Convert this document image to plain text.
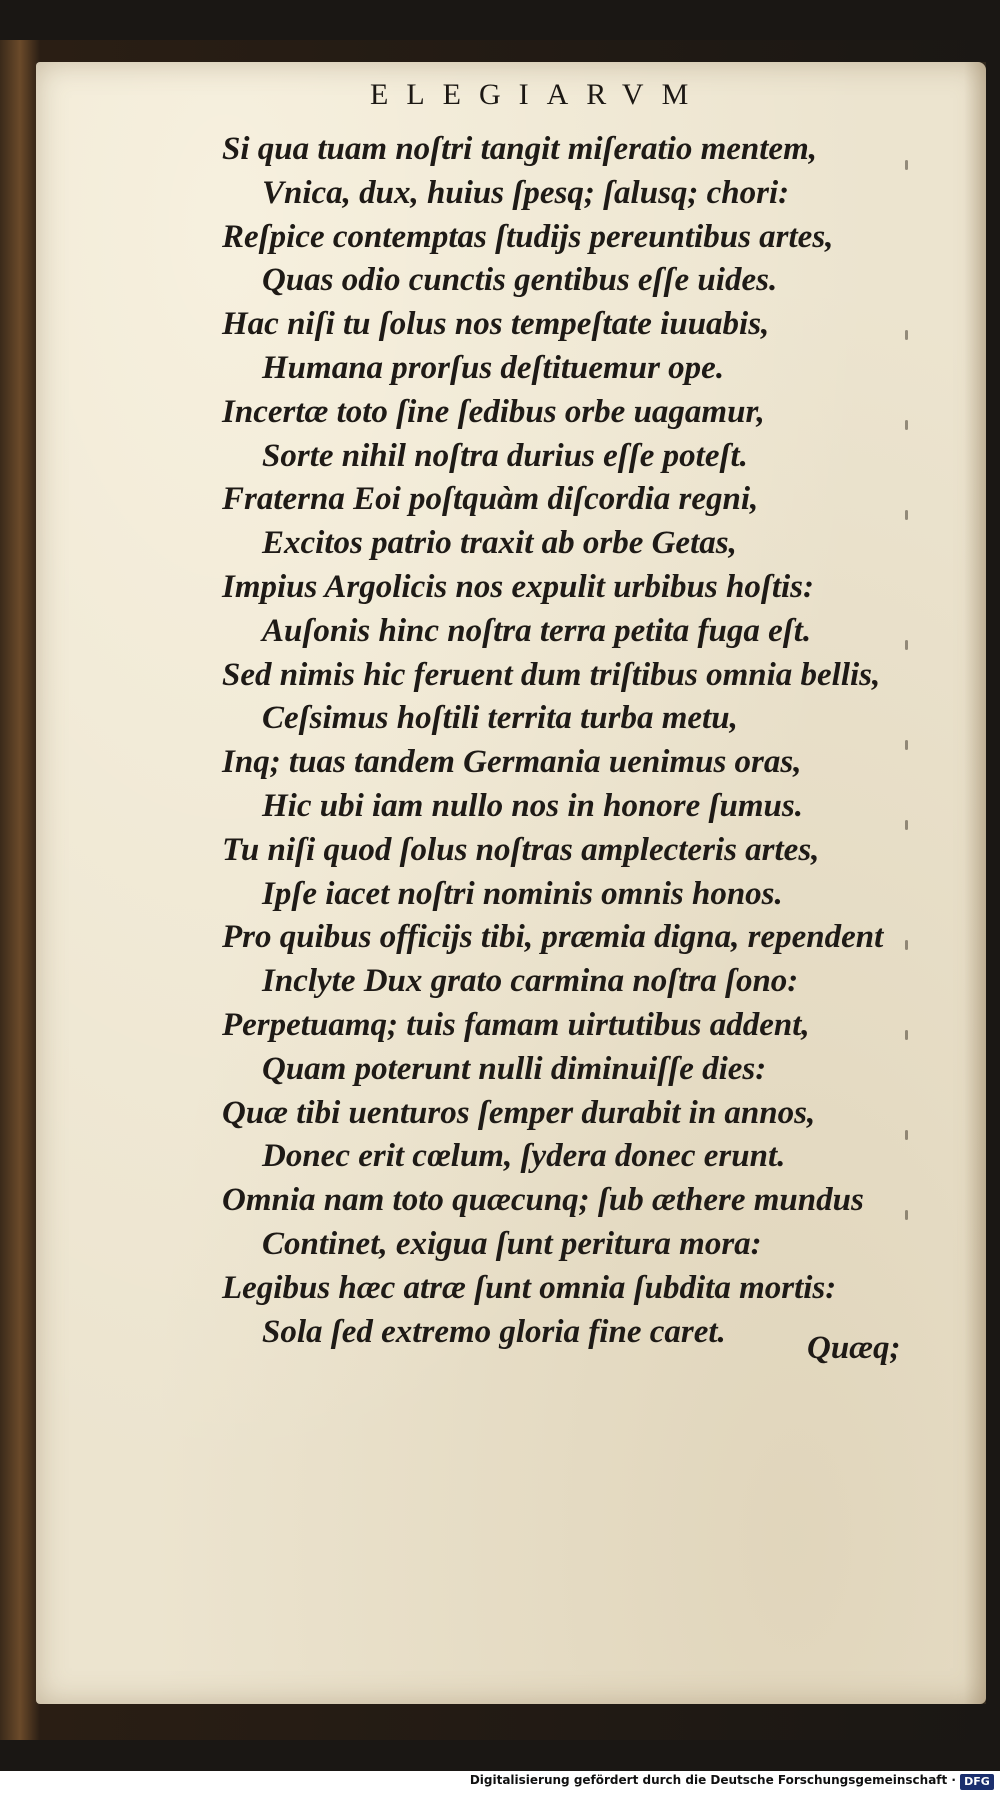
ELEGIARVM
Si qua tuam noſtri tangit miſeratio mentem,
Vnica, dux, huius ſpesq; ſalusq; chori:
Reſpice contemptas ſtudijs pereuntibus artes,
Quas odio cunctis gentibus eſſe uides.
Hac niſi tu ſolus nos tempeſtate iuuabis,
Humana prorſus deſtituemur ope.
Incertæ toto ſine ſedibus orbe uagamur,
Sorte nihil noſtra durius eſſe poteſt.
Fraterna Eoi poſtquàm diſcordia regni,
Excitos patrio traxit ab orbe Getas,
Impius Argolicis nos expulit urbibus hoſtis:
Auſonis hinc noſtra terra petita fuga eſt.
Sed nimis hic feruent dum triſtibus omnia bellis,
Ceſsimus hoſtili territa turba metu,
Inq; tuas tandem Germania uenimus oras,
Hic ubi iam nullo nos in honore ſumus.
Tu niſi quod ſolus noſtras amplecteris artes,
Ipſe iacet noſtri nominis omnis honos.
Pro quibus officijs tibi, præmia digna, rependent
Inclyte Dux grato carmina noſtra ſono:
Perpetuamq; tuis famam uirtutibus addent,
Quam poterunt nulli diminuiſſe dies:
Quæ tibi uenturos ſemper durabit in annos,
Donec erit cœlum, ſydera donec erunt.
Omnia nam toto quæcunq; ſub æthere mundus
Continet, exigua ſunt peritura mora:
Legibus hæc atræ ſunt omnia ſubdita mortis:
Sola ſed extremo gloria fine caret.	Quæq;
Digitalisierung gefördert durch die Deutsche Forschungsgemeinschaft · DFG
